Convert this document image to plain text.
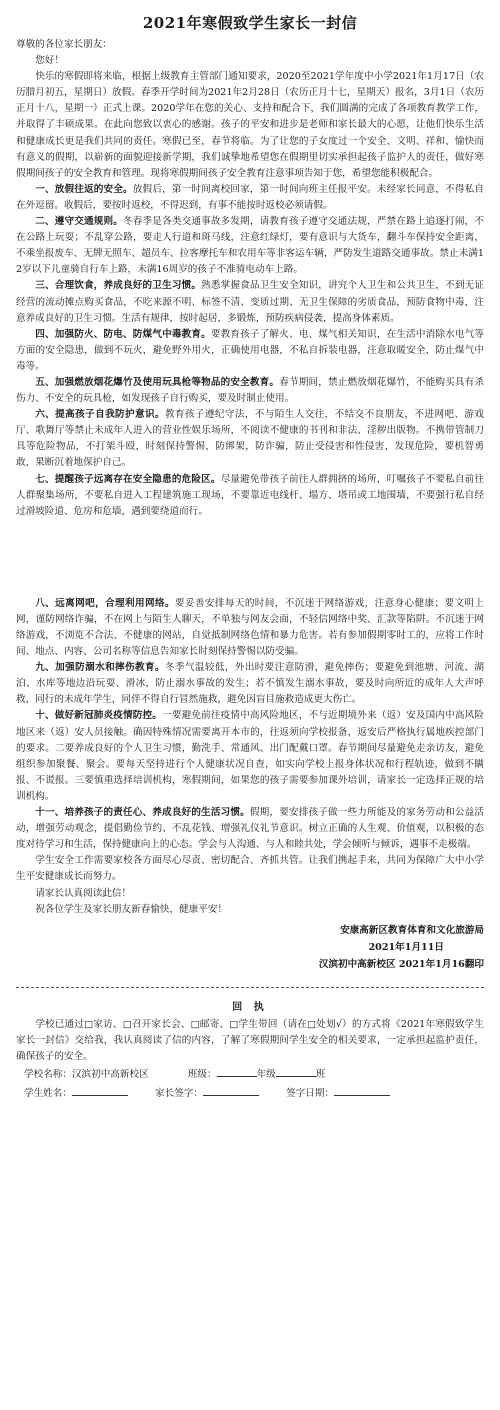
2021年寒假致学生家长一封信

尊敬的各位家长朋友：

您好！

快乐的寒假即将来临，根据上级教育主管部门通知要求，2020至2021学年度中小学2021年1月17日（农历腊月初五，星期日）放假。春季开学时间为2021年2月28日（农历正月十七，星期天）报名，3月1日（农历正月十八，星期一）正式上课。2020学年在您的关心、支持和配合下，我们圆满的完成了各项教育教学工作，并取得了丰硕成果。在此向您致以衷心的感谢。孩子的平安和进步是老师和家长最大的心愿，让他们快乐生活和健康成长更是我们共同的责任。寒假已至，春节将临。为了让您的子女度过一个安全、文明、祥和、愉快而有意义的假期，以崭新的面貌迎接新学期，我们诚挚地希望您在假期里切实承担起孩子监护人的责任，做好寒假期间孩子的安全教育和管理。现将寒假期间孩子安全教育注意事项告知于您，希望您能积极配合。

一、放假往返的安全。放假后，第一时间离校回家，第一时间向班主任报平安。未经家长同意，不得私自在外逗留。收假后，要按时返校，不得迟到，有事不能按时返校必须请假。

二、遵守交通规则。冬春季是各类交通事故多发期，请教育孩子遵守交通法规，严禁在路上追逐打闹，不在公路上玩耍；不乱穿公路，要走人行道和斑马线，注意红绿灯，要有意识与大货车，翻斗车保持安全距离，不乘坐报废车、无牌无照车、超员车、拉客摩托车和农用车等非客运车辆，严防发生道路交通事故。禁止未满12岁以下儿童骑自行车上路，未满16周岁的孩子不准骑电动车上路。

三、合理饮食，养成良好的卫生习惯。熟悉掌握食品卫生安全知识，讲究个人卫生和公共卫生，不到无证经营的流动摊点购买食品，不吃来源不明、标签不清、变质过期、无卫生保障的劣质食品，预防食物中毒，注意养成良好的卫生习惯。生活有规律，按时起居，多锻炼，预防疾病侵袭，提高身体素质。

四、加强防火、防电、防煤气中毒教育。要教育孩子了解火、电、煤气相关知识，在生活中消除水电气等方面的安全隐患，做到不玩火，避免野外用火，正确使用电器，不私自拆装电器，注意取暖安全，防止煤气中毒等。

五、加强燃放烟花爆竹及使用玩具枪等物品的安全教育。春节期间，禁止燃放烟花爆竹，不能购买具有杀伤力、不安全的玩具枪，如发现孩子自行购买，要及时制止使用。

六、提高孩子自我防护意识。教育孩子遵纪守法，不与陌生人交往，不结交不良朋友，不进网吧、游戏厅、歌舞厅等禁止未成年人进入的营业性娱乐场所，不阅读不健康的书刊和非法、淫秽出版物。不携带管制刀具等危险物品，不打架斗殴，时刻保持警惕，防绑架，防诈骗，防止受侵害和性侵害，发现危险，要机智勇敢，果断沉着地保护自己。

七、提醒孩子远离存在安全隐患的危险区。尽量避免带孩子前往人群拥挤的场所，叮嘱孩子不要私自前往人群聚集场所，不要私自进入工程建筑施工现场，不要靠近电线杆、塌方、塔吊或工地围墙，不要强行私自经过滑坡险道、危房和危墙，遇到要绕道而行。

八、远离网吧，合理利用网络。要妥善安排每天的时间，不沉迷于网络游戏，注意身心健康；要文明上网，谨防网络诈骗，不在网上与陌生人聊天，不单独与网友会面，不轻信网络中奖、汇款等陷阱。不沉迷于网络游戏，不浏览不合法、不健康的网站，自觉抵制网络色情和暴力危害。若有参加假期零时工的，应将工作时间、地点、内容、公司名称等信息告知家长时刻保持警惕以防受骗。

九、加强防溺水和摔伤教育。冬季气温较低，外出时要注意防滑，避免摔伤；要避免到池塘、河流、湖泊、水库等地边沿玩耍、滑冰，防止溺水事故的发生；若不慎发生溺水事故，要及时向所近的成年人大声呼救，同行的未成年学生，同伴不得自行冒然施救，避免因盲目施救造成更大伤亡。

十、做好新冠肺炎疫情防控。一要避免前往疫情中高风险地区，不与近期境外来（返）安及国内中高风险地区来（返）安人员接触。确因特殊情况需要离开本市的，往返须向学校报备，返安后严格执行属地疾控部门的要求。二要养成良好的个人卫生习惯，勤洗手、常通风、出门配戴口罩。春节期间尽量避免走亲访友，避免组织参加聚餐、聚会。要每天坚持进行个人健康状况自查，如实向学校上报身体状况和行程轨迹，做到不瞒报、不谎报。三要慎重选择培训机构，寒假期间，如果您的孩子需要参加课外培训，请家长一定选择正规的培训机构。

十一、培养孩子的责任心、养成良好的生活习惯。假期，要安排孩子做一些力所能及的家务劳动和公益活动，增强劳动观念，提倡勤俭节约、不乱花钱、增强礼仪礼节意识。树立正确的人生观、价值观，以积极的态度对待学习和生活，保持健康向上的心态。学会与人沟通、与人和睦共处，学会倾听与倾诉，遇事不走极端。

学生安全工作需要家校各方面尽心尽责、密切配合、齐抓共管。让我们携起手来，共同为保障广大中小学生平安健康成长而努力。

请家长认真阅读此信！

祝各位学生及家长朋友新春愉快，健康平安！

安康高新区教育体育和文化旅游局

2021年1月11日

汉滨初中高新校区 2021年1月16翻印

回 执

学校已通过□家访、□召开家长会、□邮寄、□学生带回（请在□处划√）的方式将《2021年寒假致学生家长一封信》交给我，我认真阅读了信的内容，了解了寒假期间学生安全的相关要求，一定承担起监护责任，确保孩子的安全。

学校名称：汉滨初中高新校区	班级：	年级	班

学生姓名：	家长签字：	签字日期：
